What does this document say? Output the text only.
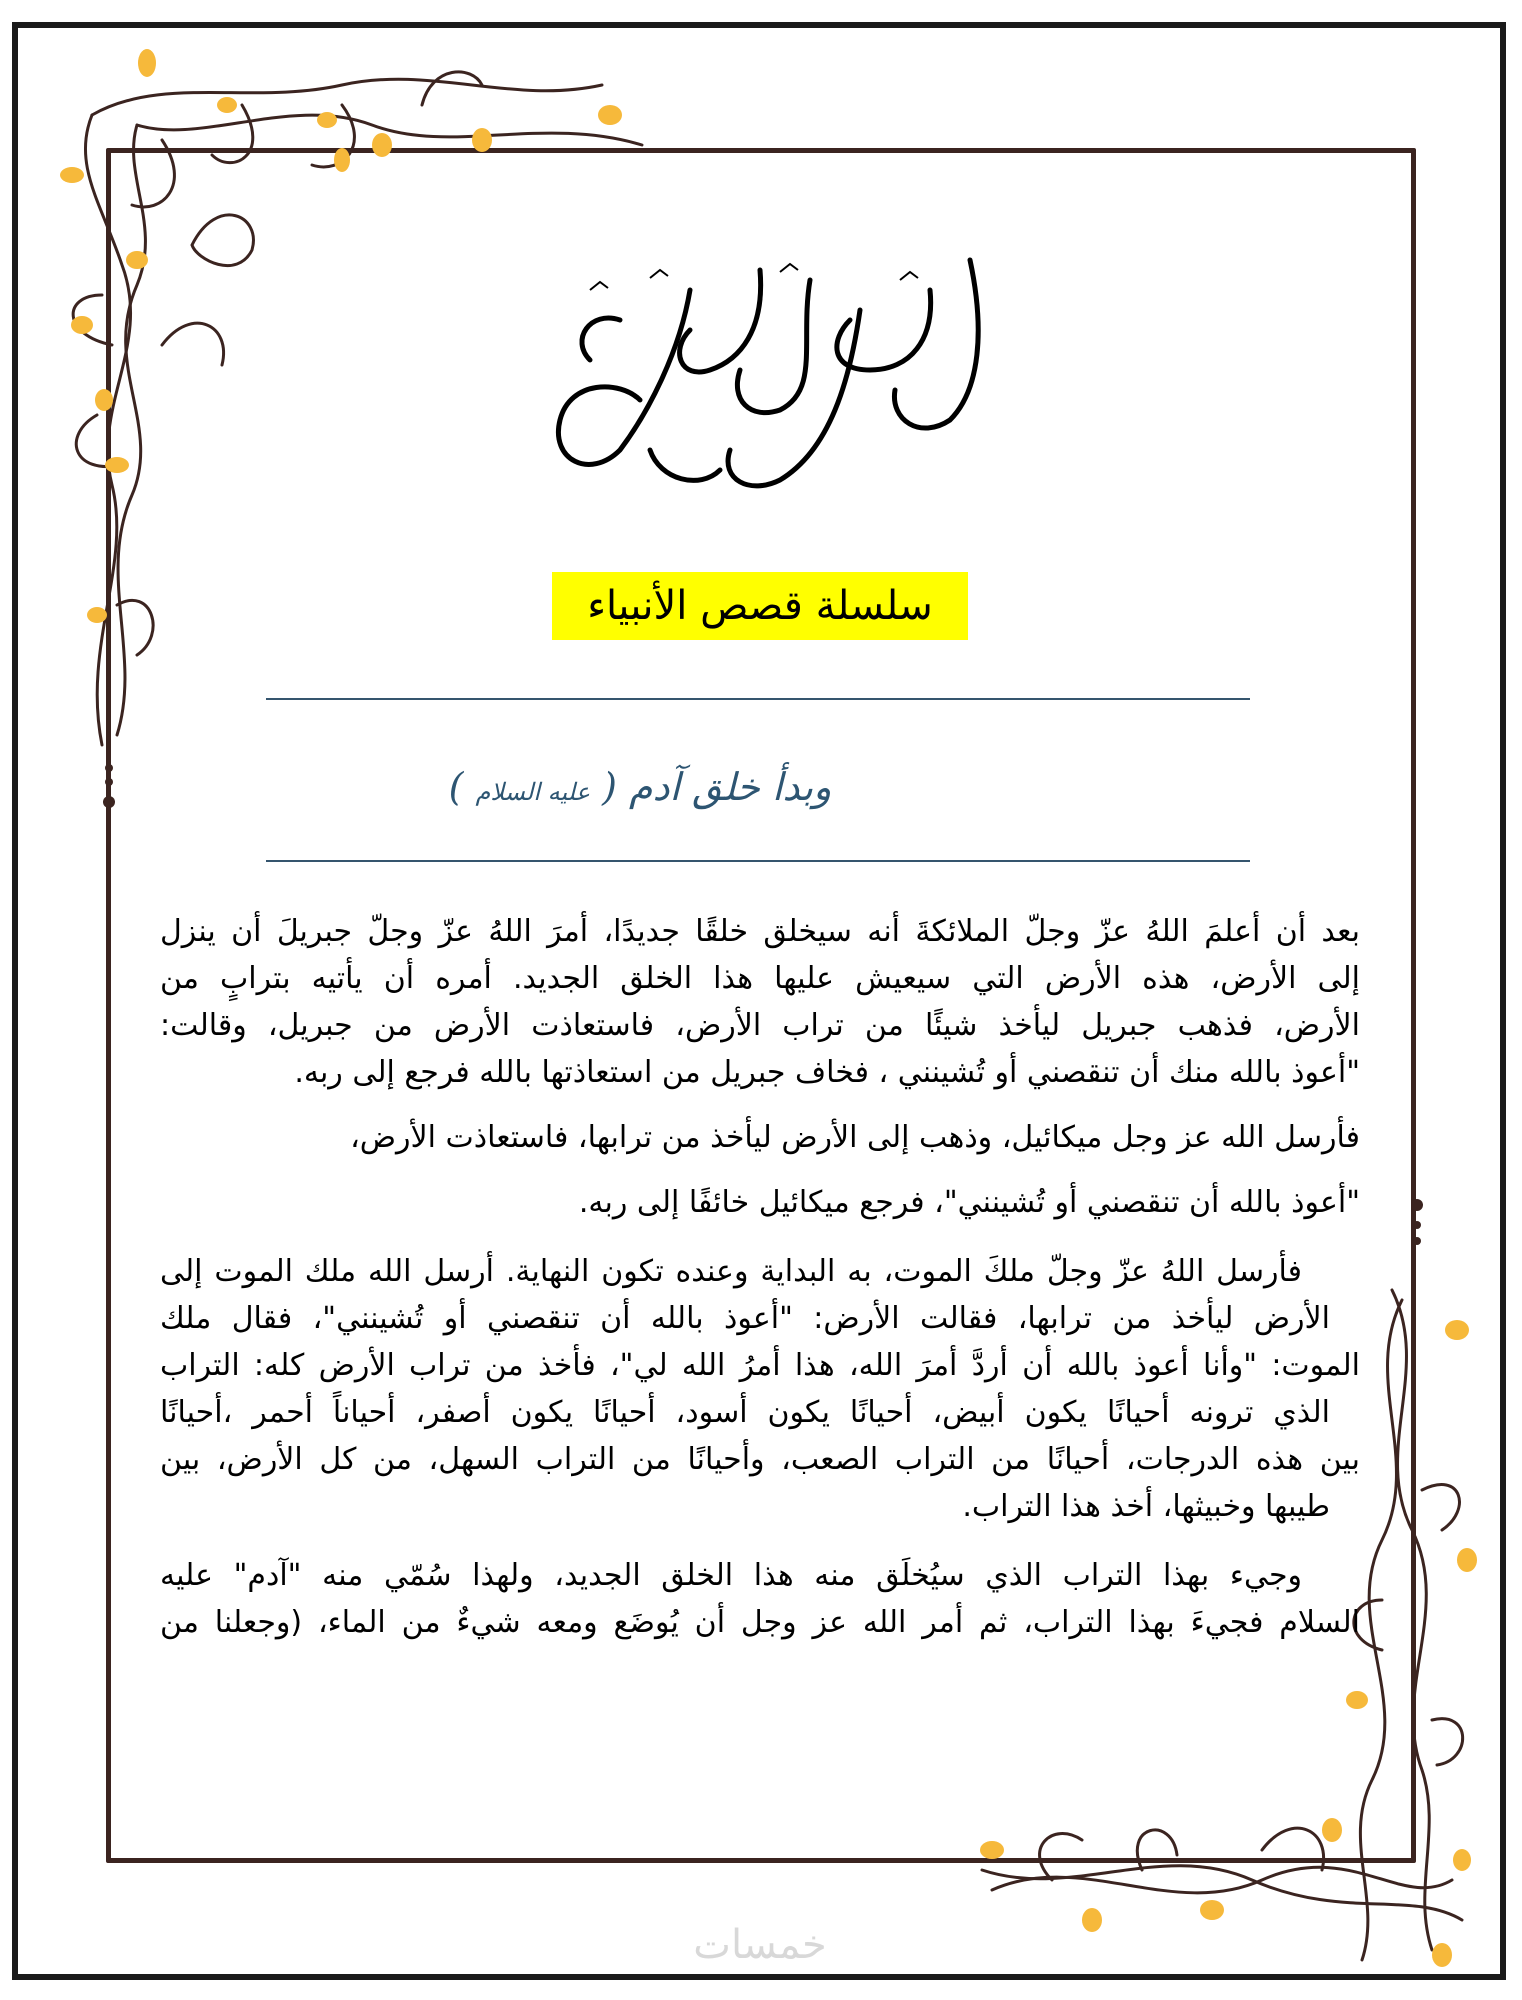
سلسلة قصص الأنبياء
وبدأ خلق آدم ( عليه السلام )
بعد أن أعلمَ اللهُ عزّ وجلّ الملائكةَ أنه سيخلق خلقًا جديدًا، أمرَ اللهُ عزّ وجلّ جبريلَ أن ينزل
إلى الأرض، هذه الأرض التي سيعيش عليها هذا الخلق الجديد. أمره أن يأتيه بترابٍ من
الأرض، فذهب جبريل ليأخذ شيئًا من تراب الأرض، فاستعاذت الأرض من جبريل، وقالت:
"أعوذ بالله منك أن تنقصني أو تُشينني ، فخاف جبريل من استعاذتها بالله فرجع إلى ربه.
فأرسل الله عز وجل ميكائيل، وذهب إلى الأرض ليأخذ من ترابها، فاستعاذت الأرض،
"أعوذ بالله أن تنقصني أو تُشينني"، فرجع ميكائيل خائفًا إلى ربه.
فأرسل اللهُ عزّ وجلّ ملكَ الموت، به البداية وعنده تكون النهاية. أرسل الله ملك الموت إلى
الأرض ليأخذ من ترابها، فقالت الأرض: "أعوذ بالله أن تنقصني أو تُشينني"، فقال ملك
الموت: "وأنا أعوذ بالله أن أردَّ أمرَ الله، هذا أمرُ الله لي"، فأخذ من تراب الأرض كله: التراب
الذي ترونه أحيانًا يكون أبيض، أحيانًا يكون أسود، أحيانًا يكون أصفر، أحياناً أحمر ،أحيانًا
بين هذه الدرجات، أحيانًا من التراب الصعب، وأحيانًا من التراب السهل، من كل الأرض، بين
طيبها وخبيثها، أخذ هذا التراب.
وجيء بهذا التراب الذي سيُخلَق منه هذا الخلق الجديد، ولهذا سُمّي منه "آدم" عليه
السلام فجيءَ بهذا التراب، ثم أمر الله عز وجل أن يُوضَع ومعه شيءٌ من الماء، (وجعلنا من
خمسات
